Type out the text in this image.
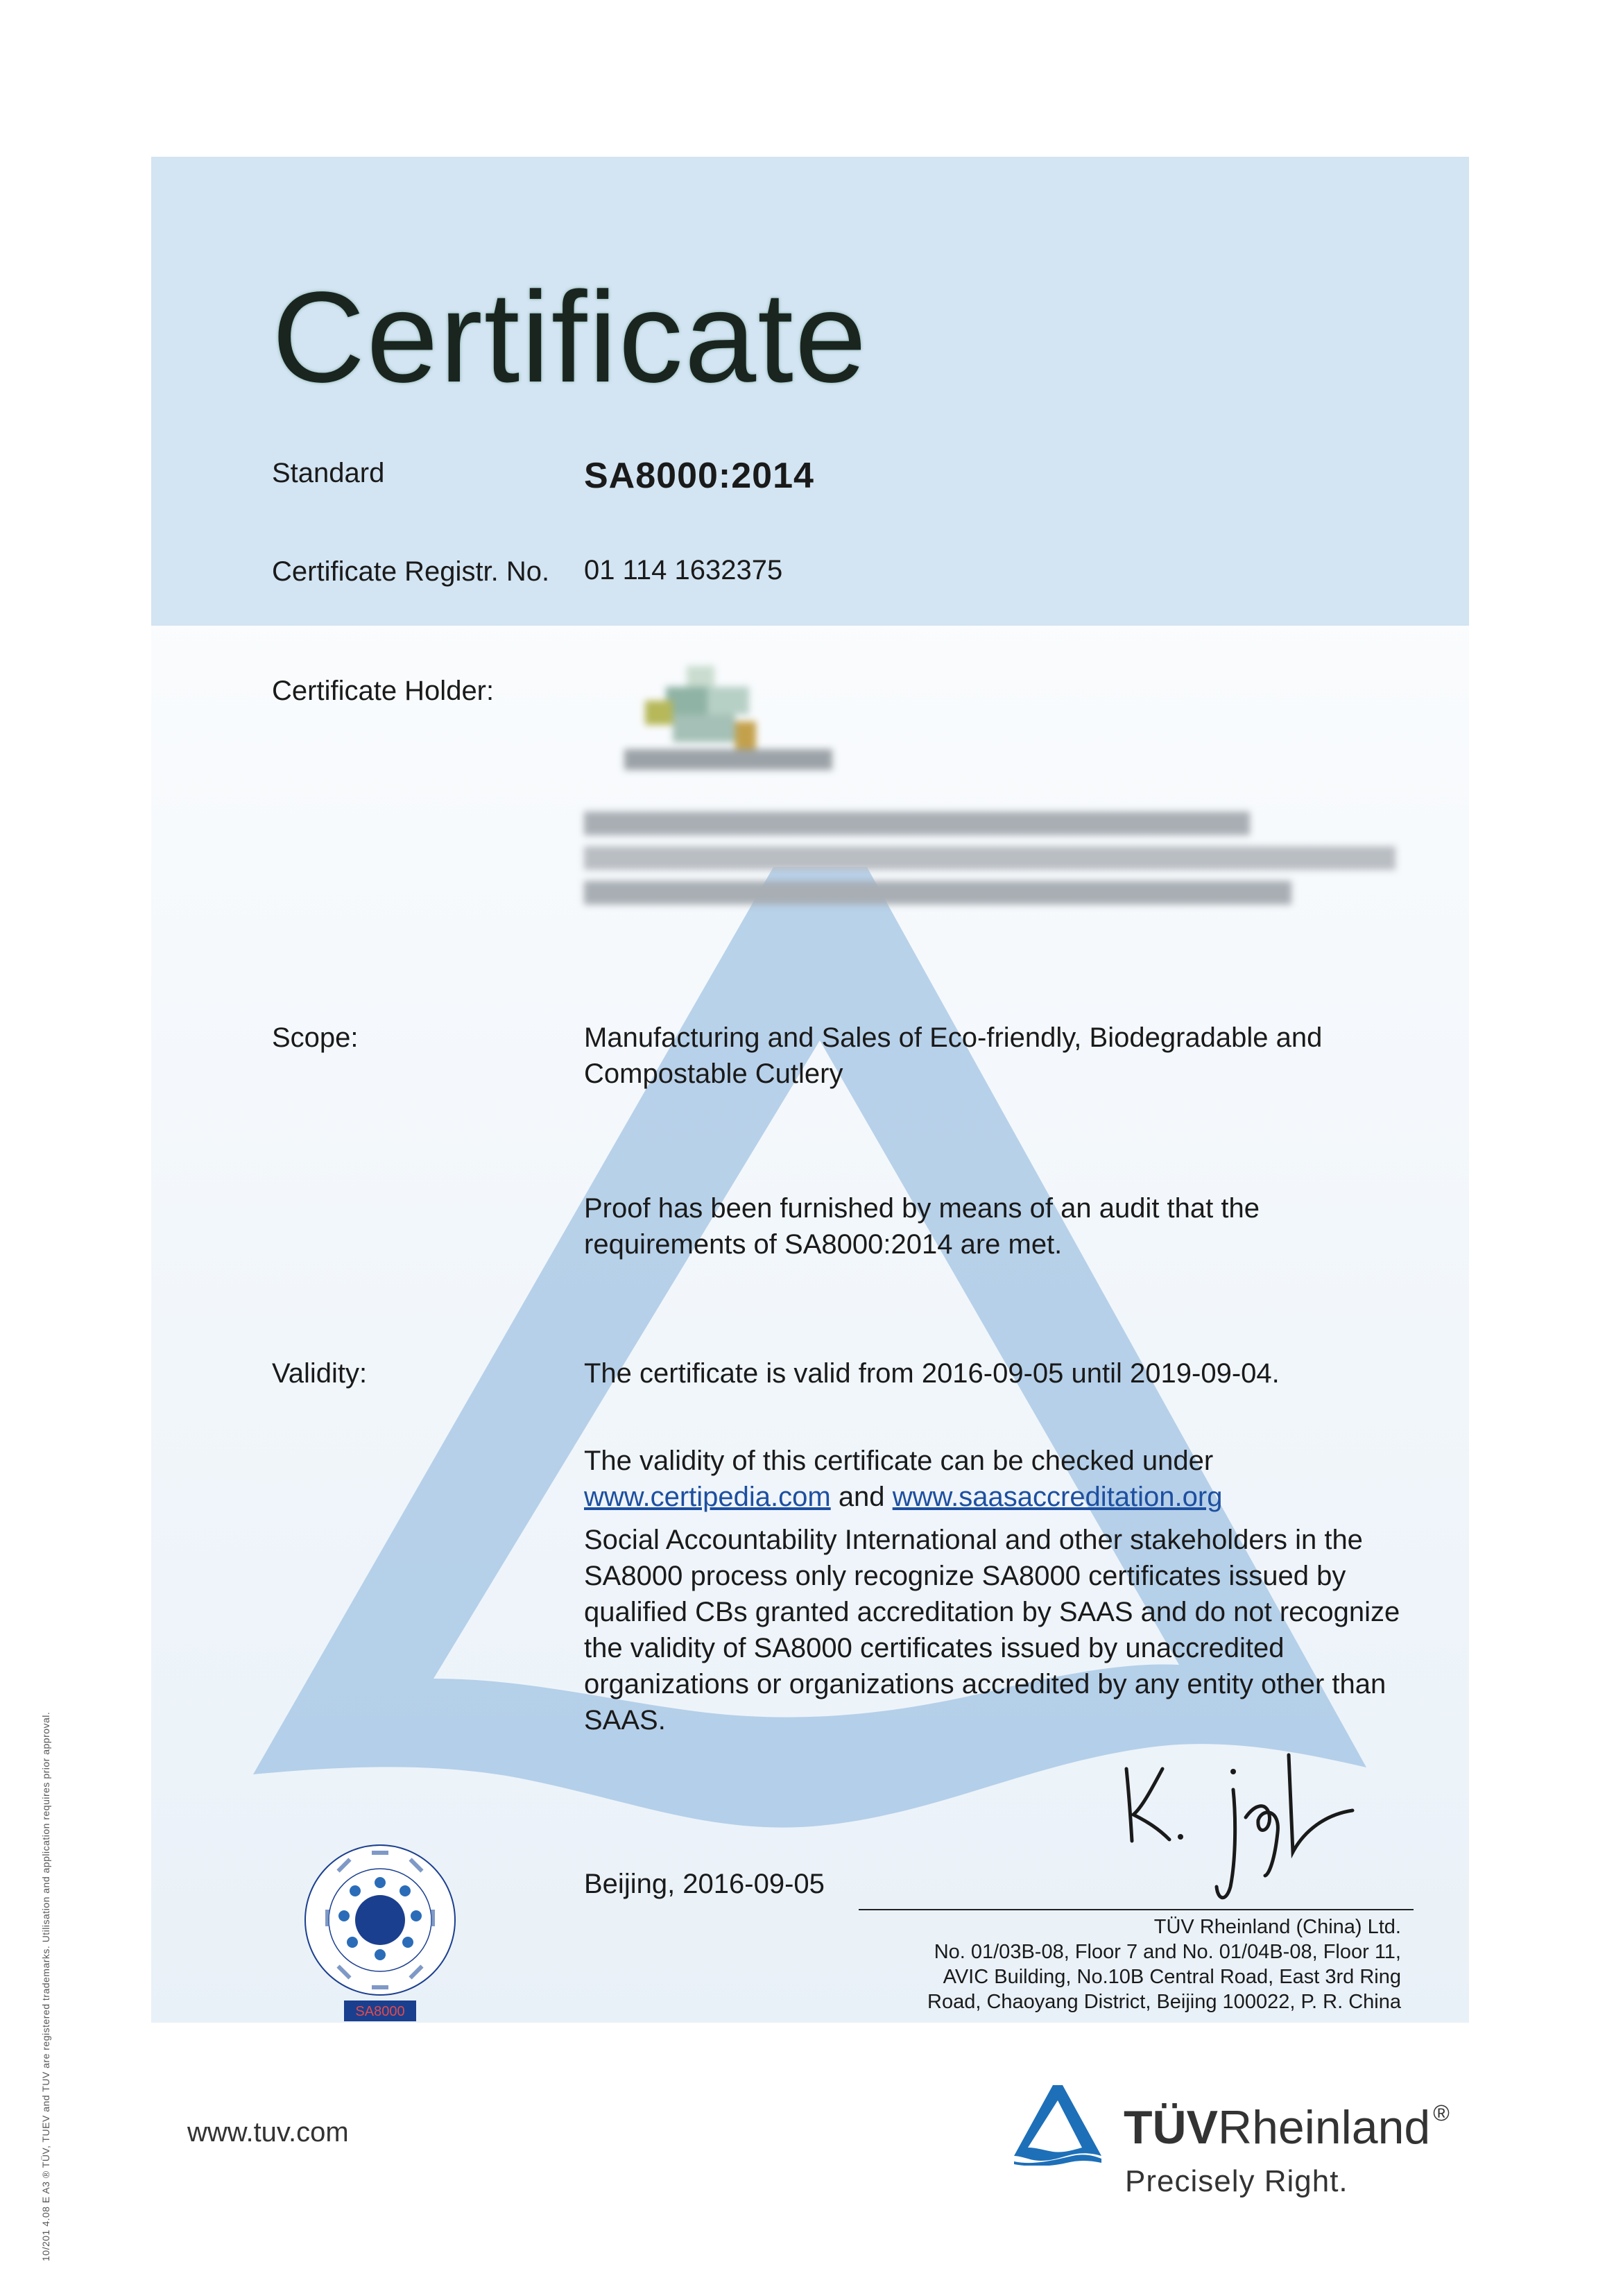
Certificate
Standard	SA8000:2014
Certificate Registr. No. 01 114 1632375
Certificate Holder:
Scope:	Manufacturing and Sales of Eco-friendly, Biodegradable and
Compostable Cutlery
Proof has been furnished by means of an audit that the
requirements of SA8000:2014 are met.
Validity:	The certificate is valid from 2016-09-05 until 2019-09-04.
The validity of this certificate can be checked under
www.certipedia.com and www.saasaccreditation.org
Social Accountability International and other stakeholders in the
SA8000 process only recognize SA8000 certificates issued by
qualified CBs granted accreditation by SAAS and do not recognize
the validity of SA8000 certificates issued by unaccredited
organizations or organizations accredited by any entity other than
SAAS.
Beijing, 2016-09-05
TÜV Rheinland (China) Ltd.
No. 01/03B-08, Floor 7 and No. 01/04B-08, Floor 11,
AVIC Building, No.10B Central Road, East 3rd Ring
Road, Chaoyang District, Beijing 100022, P. R. China
SA8000
www.tuv.com	TÜVRheinland ®
Precisely Right.
10/201 4.08 E A3 ® TÜV, TUEV and TUV are registered trademarks. Utilisation and application requires prior approval.
